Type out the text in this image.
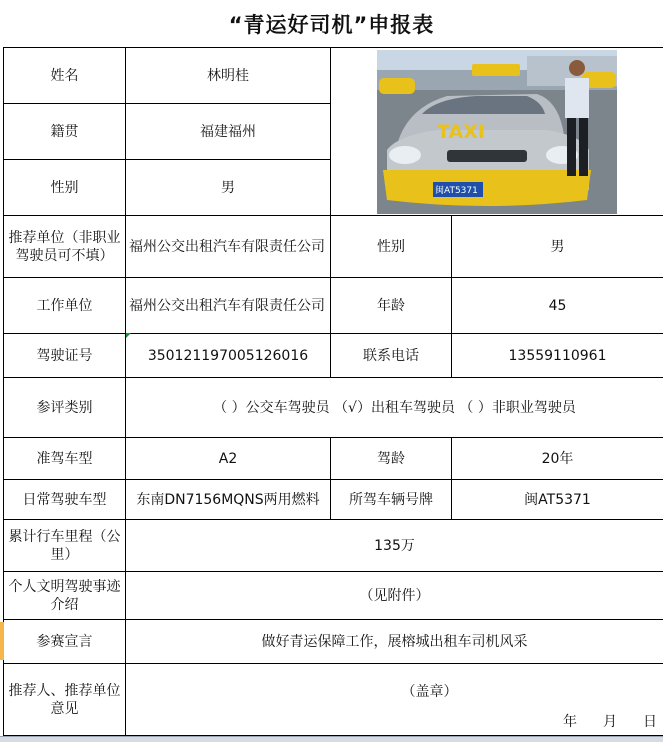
“青运好司机”申报表
姓名	林明桂	TAXI
闽AT5371	

籍贯	福建福州		
性别	男		
推荐单位（非职业驾驶员可不填）	福州公交出租汽车有限责任公司	性别	男
工作单位	福州公交出租汽车有限责任公司	年龄	45
驾驶证号	350121197005126016	联系电话	13559110961
参评类别	（ ）公交车驾驶员 （√）出租车驾驶员 （ ）非职业驾驶员		
准驾车型	A2	驾龄	20年
日常驾驶车型	东南DN7156MQNS两用燃料	所驾车辆号牌	闽AT5371
累计行车里程（公里）	135万		
个人文明驾驶事迹介绍	（见附件）		
参赛宣言	做好青运保障工作，展榕城出租车司机风采		
推荐人、推荐单位意见	（盖章）
年 月 日		
